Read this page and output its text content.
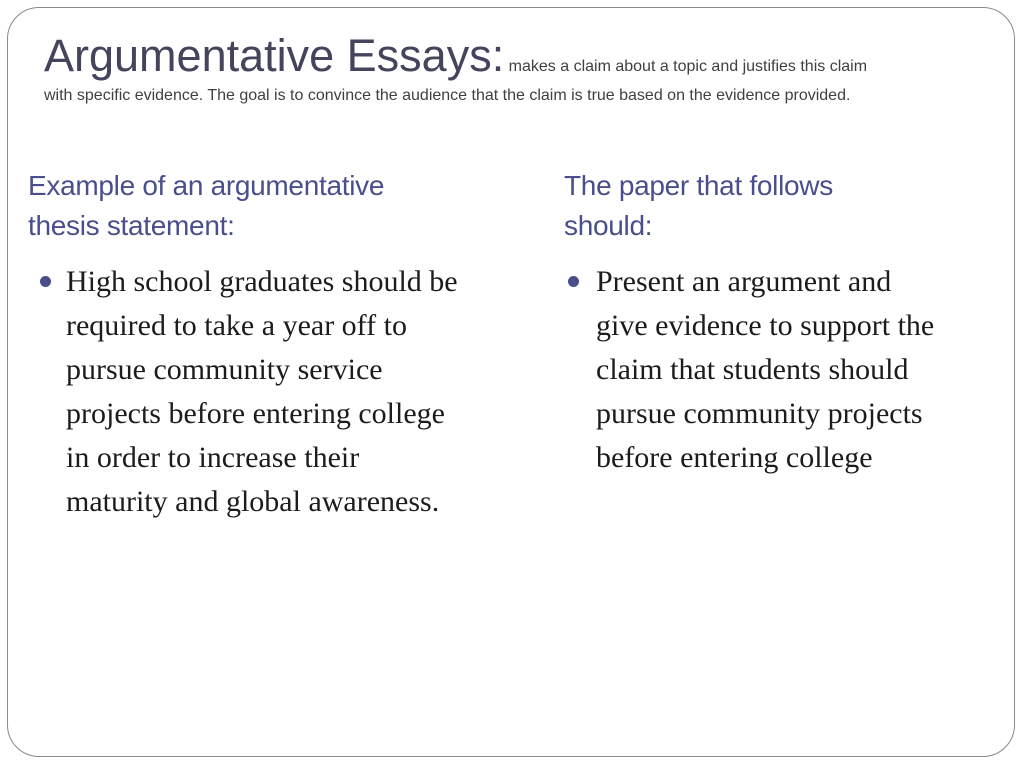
Argumentative Essays: makes a claim about a topic and justifies this claim
with specific evidence. The goal is to convince the audience that the claim is true based on the evidence provided.
Example of an argumentative
thesis statement:
High school graduates should be
required to take a year off to
pursue community service
projects before entering college
in order to increase their
maturity and global awareness.
The paper that follows
should:
Present an argument and
give evidence to support the
claim that students should
pursue community projects
before entering college
